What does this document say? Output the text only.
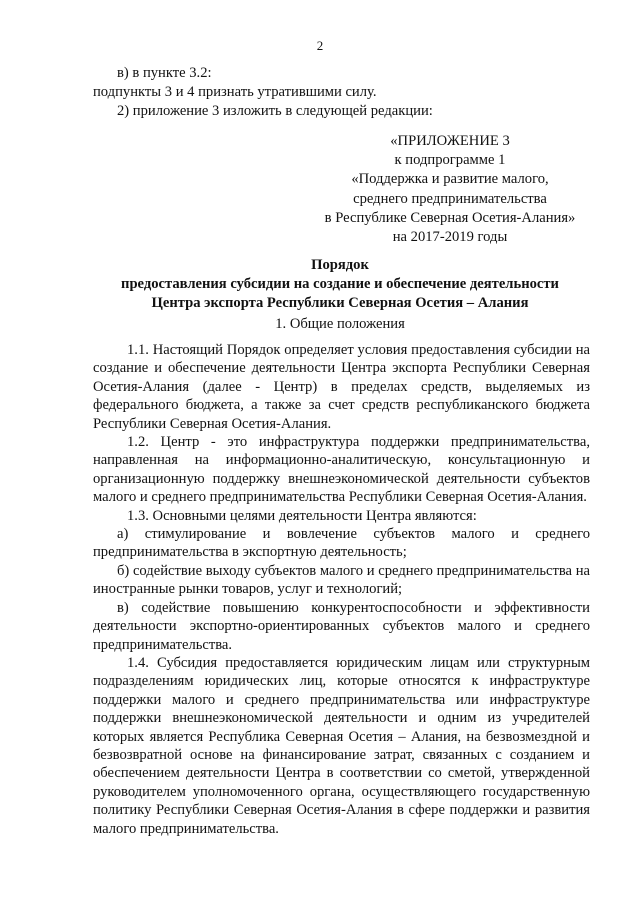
2
в) в пункте 3.2:
подпункты 3 и 4 признать утратившими силу.
2) приложение 3 изложить в следующей редакции:
«ПРИЛОЖЕНИЕ 3
к подпрограмме 1
«Поддержка и развитие малого,
среднего предпринимательства
в Республике Северная Осетия-Алания»
на 2017-2019 годы
Порядок
предоставления субсидии на создание и обеспечение деятельности
Центра экспорта Республики Северная Осетия – Алания
1. Общие положения

1.1. Настоящий Порядок определяет условия предоставления субсидии на создание и обеспечение деятельности Центра экспорта Республики Северная Осетия-Алания (далее - Центр) в пределах средств, выделяемых из федерального бюджета, а также за счет средств республиканского бюджета Республики Северная Осетия-Алания.

1.2. Центр - это инфраструктура поддержки предпринимательства, направленная на информационно-аналитическую, консультационную и организационную поддержку внешнеэкономической деятельности субъектов малого и среднего предпринимательства Республики Северная Осетия-Алания.

1.3. Основными целями деятельности Центра являются:

а) стимулирование и вовлечение субъектов малого и среднего предпринимательства в экспортную деятельность;

б) содействие выходу субъектов малого и среднего предпринимательства на иностранные рынки товаров, услуг и технологий;

в) содействие повышению конкурентоспособности и эффективности деятельности экспортно-ориентированных субъектов малого и среднего предпринимательства.

1.4. Субсидия предоставляется юридическим лицам или структурным подразделениям юридических лиц, которые относятся к инфраструктуре поддержки малого и среднего предпринимательства или инфраструктуре поддержки внешнеэкономической деятельности и одним из учредителей которых является Республика Северная Осетия – Алания, на безвозмездной и безвозвратной основе на финансирование затрат, связанных с созданием и обеспечением деятельности Центра в соответствии со сметой, утвержденной руководителем уполномоченного органа, осуществляющего государственную политику Республики Северная Осетия-Алания в сфере поддержки и развития малого предпринимательства.
